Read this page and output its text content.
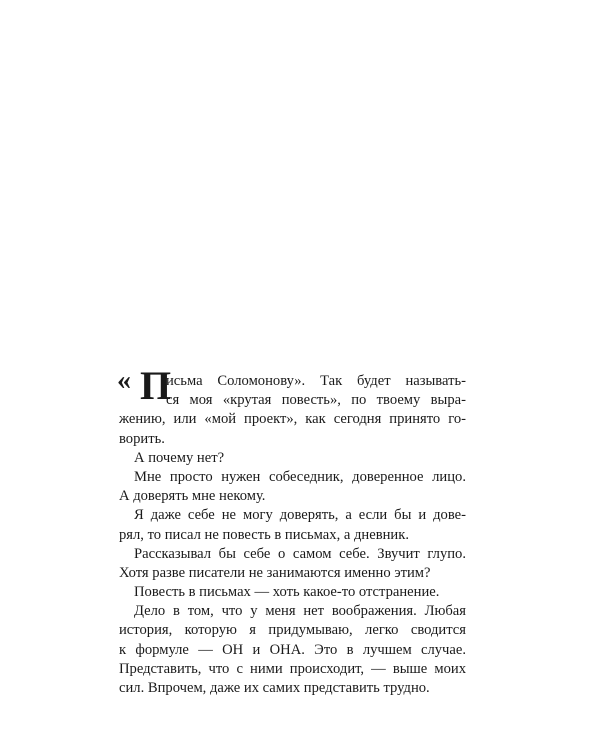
« П
исьма Соломонову». Так будет называть-
ся моя «крутая повесть», по твоему выра-
жению, или «мой проект», как сегодня принято го-
ворить.
А почему нет?
Мне просто нужен собеседник, доверенное лицо.
А доверять мне некому.
Я даже себе не могу доверять, а если бы и дове-
рял, то писал не повесть в письмах, а дневник.
Рассказывал бы себе о самом себе. Звучит глупо.
Хотя разве писатели не занимаются именно этим?
Повесть в письмах — хоть какое-то отстранение.
Дело в том, что у меня нет воображения. Любая
история, которую я придумываю, легко сводится
к формуле — ОН и ОНА. Это в лучшем случае.
Представить, что с ними происходит, — выше моих
сил. Впрочем, даже их самих представить трудно.
